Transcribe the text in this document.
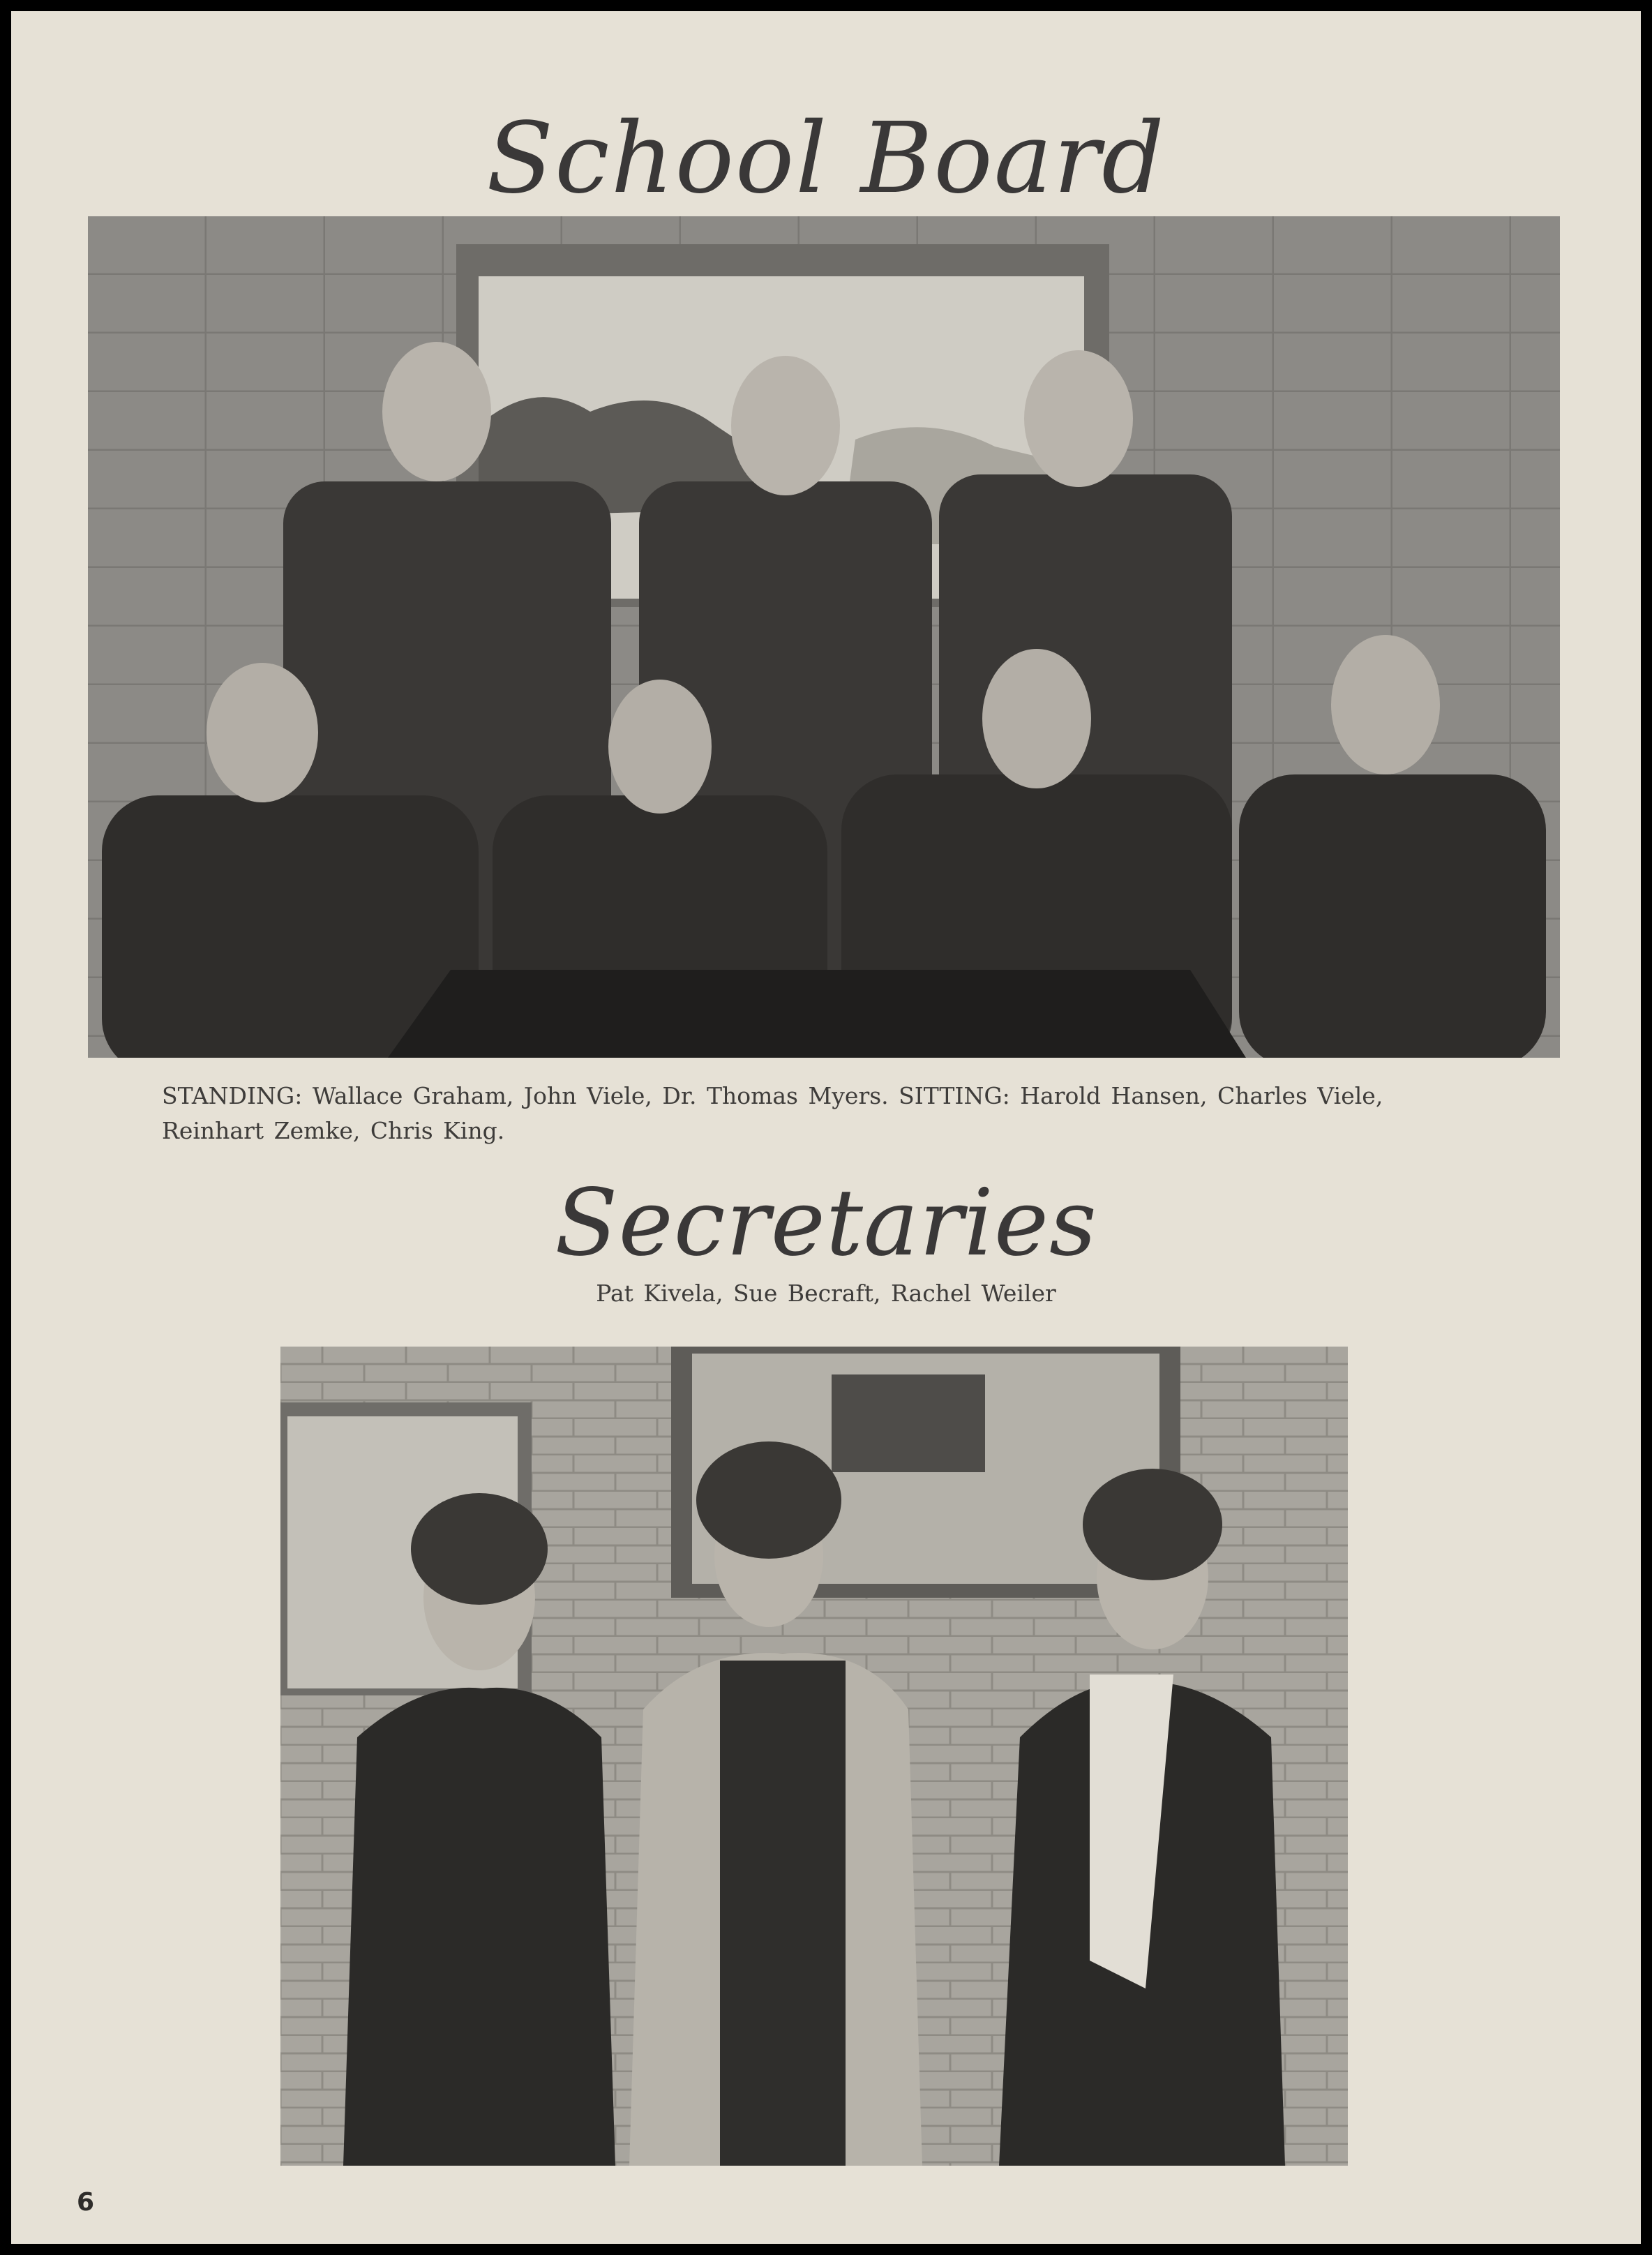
School Board

STANDING: Wallace Graham, John Viele, Dr. Thomas Myers. SITTING: Harold Hansen, Charles Viele,
Reinhart Zemke, Chris King.

Secretaries

Pat Kivela, Sue Becraft, Rachel Weiler

6
